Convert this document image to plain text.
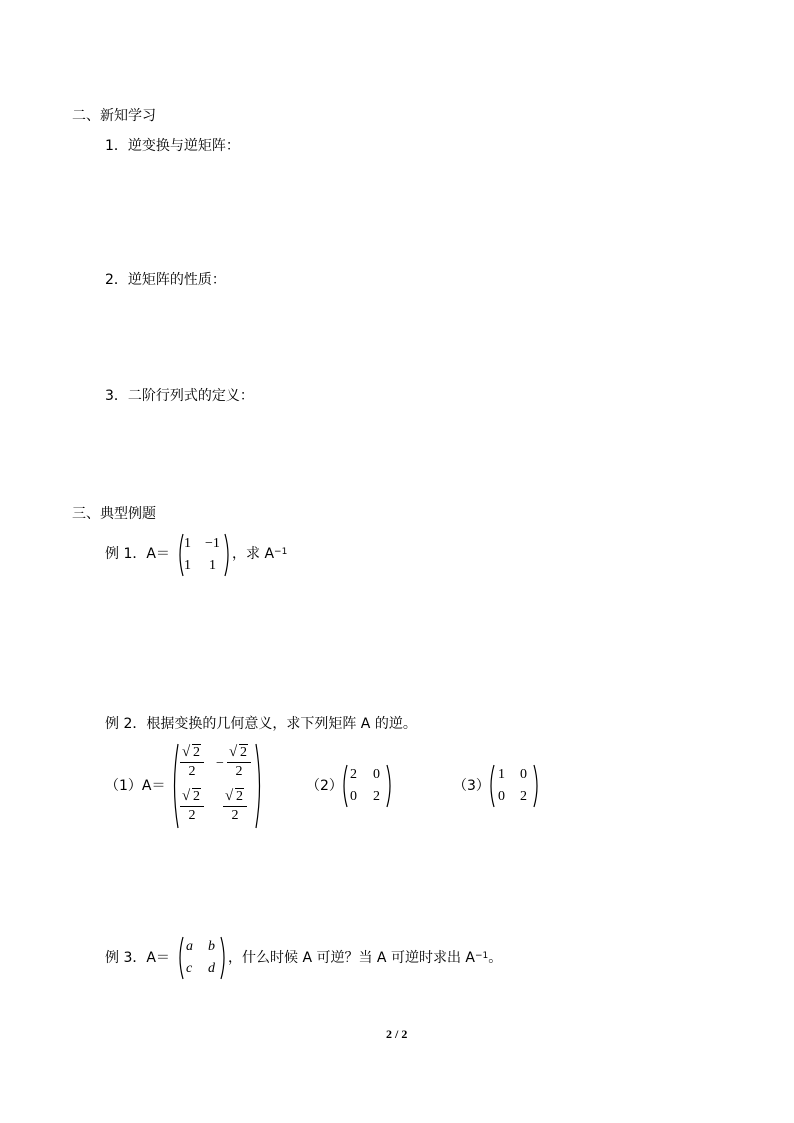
二、新知学习
1．逆变换与逆矩阵：
2．逆矩阵的性质：
3．二阶行列式的定义：
三、典型例题
例 1．A＝
1 −1
1 1
，求 $A^{-1}$
例 2．根据变换的几何意义，求下列矩阵 A 的逆。
（1）A＝
√ 2
2
−
√ 2
2
√ 2
2
√ 2
2
（2）
2 0
0 2
（3）
1 0
0 2
例 3．A＝
a b
c d
，什么时候 A 可逆？当 A 可逆时求出 $A^{-1}$。
2 / 2
